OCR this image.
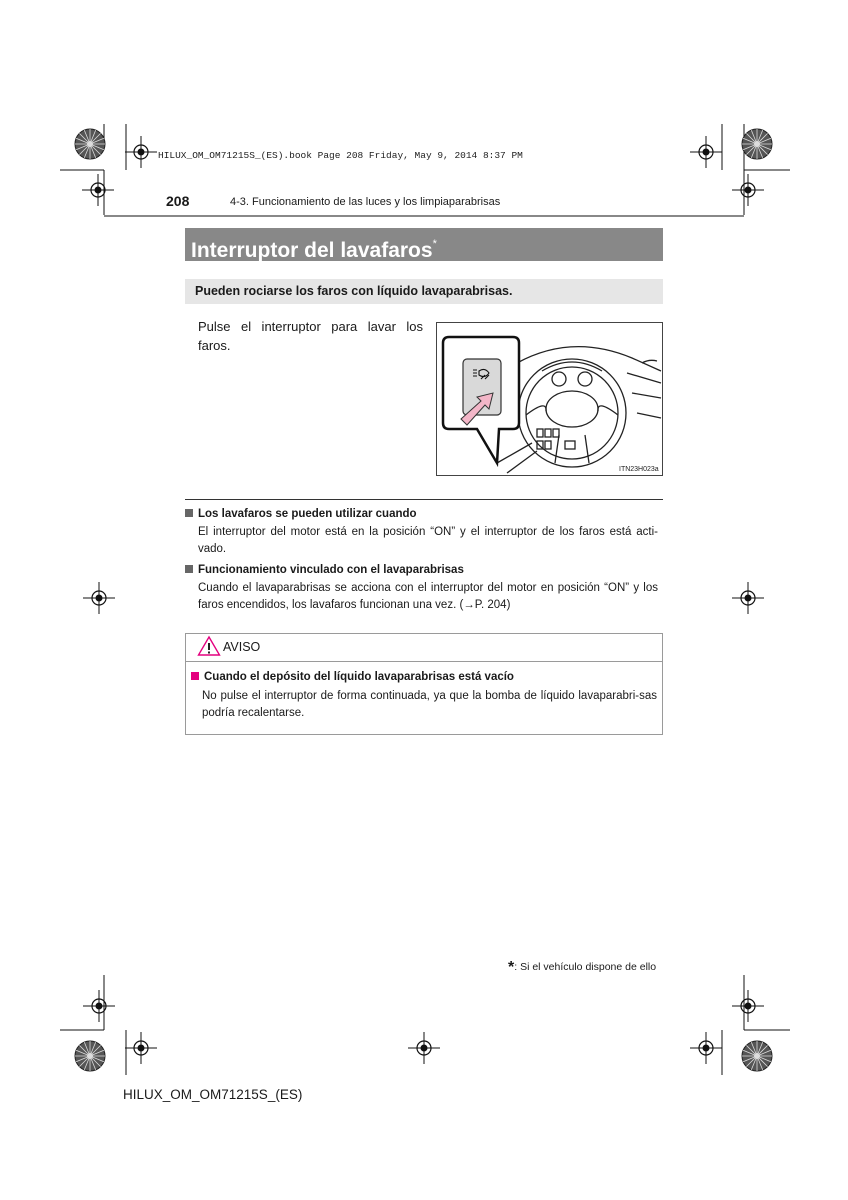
HILUX_OM_OM71215S_(ES).book Page 208 Friday, May 9, 2014 8:37 PM
208	4-3. Funcionamiento de las luces y los limpiaparabrisas
Interruptor del lavafaros*
Pueden rociarse los faros con líquido lavaparabrisas.
Pulse el interruptor para lavar los faros.
ITN23H023a
Los lavafaros se pueden utilizar cuando
El interruptor del motor está en la posición “ON” y el interruptor de los faros está acti-vado.
Funcionamiento vinculado con el lavaparabrisas
Cuando el lavaparabrisas se acciona con el interruptor del motor en posición “ON” y los faros encendidos, los lavafaros funcionan una vez. (→P. 204)
AVISO
Cuando el depósito del líquido lavaparabrisas está vacío
No pulse el interruptor de forma continuada, ya que la bomba de líquido lavaparabri-sas podría recalentarse.
*: Si el vehículo dispone de ello
HILUX_OM_OM71215S_(ES)
